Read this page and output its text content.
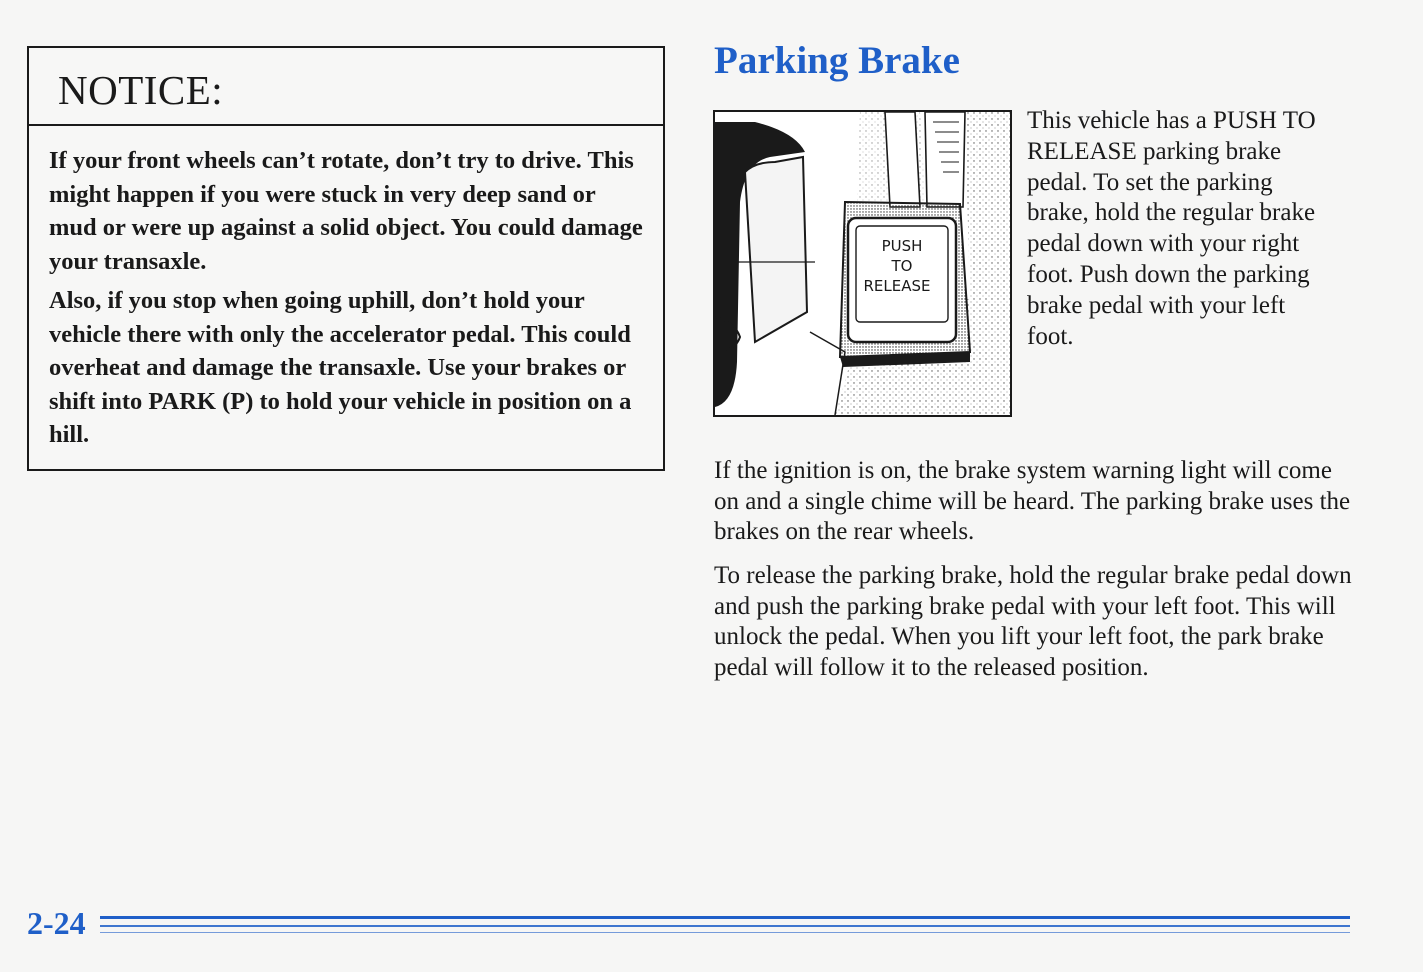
NOTICE:

If your front wheels can’t rotate, don’t try to drive. This might happen if you were stuck in very deep sand or mud or were up against a solid object. You could damage your transaxle.

Also, if you stop when going uphill, don’t hold your vehicle there with only the accelerator pedal. This could overheat and damage the transaxle. Use your brakes or shift into PARK (P) to hold your vehicle in position on a hill.

Parking Brake
PUSH
TO
RELEASE
This vehicle has a PUSH TO RELEASE parking brake pedal. To set the parking brake, hold the regular brake pedal down with your right foot. Push down the parking brake pedal with your left foot.

If the ignition is on, the brake system warning light will come on and a single chime will be heard. The parking brake uses the brakes on the rear wheels.

To release the parking brake, hold the regular brake pedal down and push the parking brake pedal with your left foot. This will unlock the pedal. When you lift your left foot, the park brake pedal will follow it to the released position.

2-24
